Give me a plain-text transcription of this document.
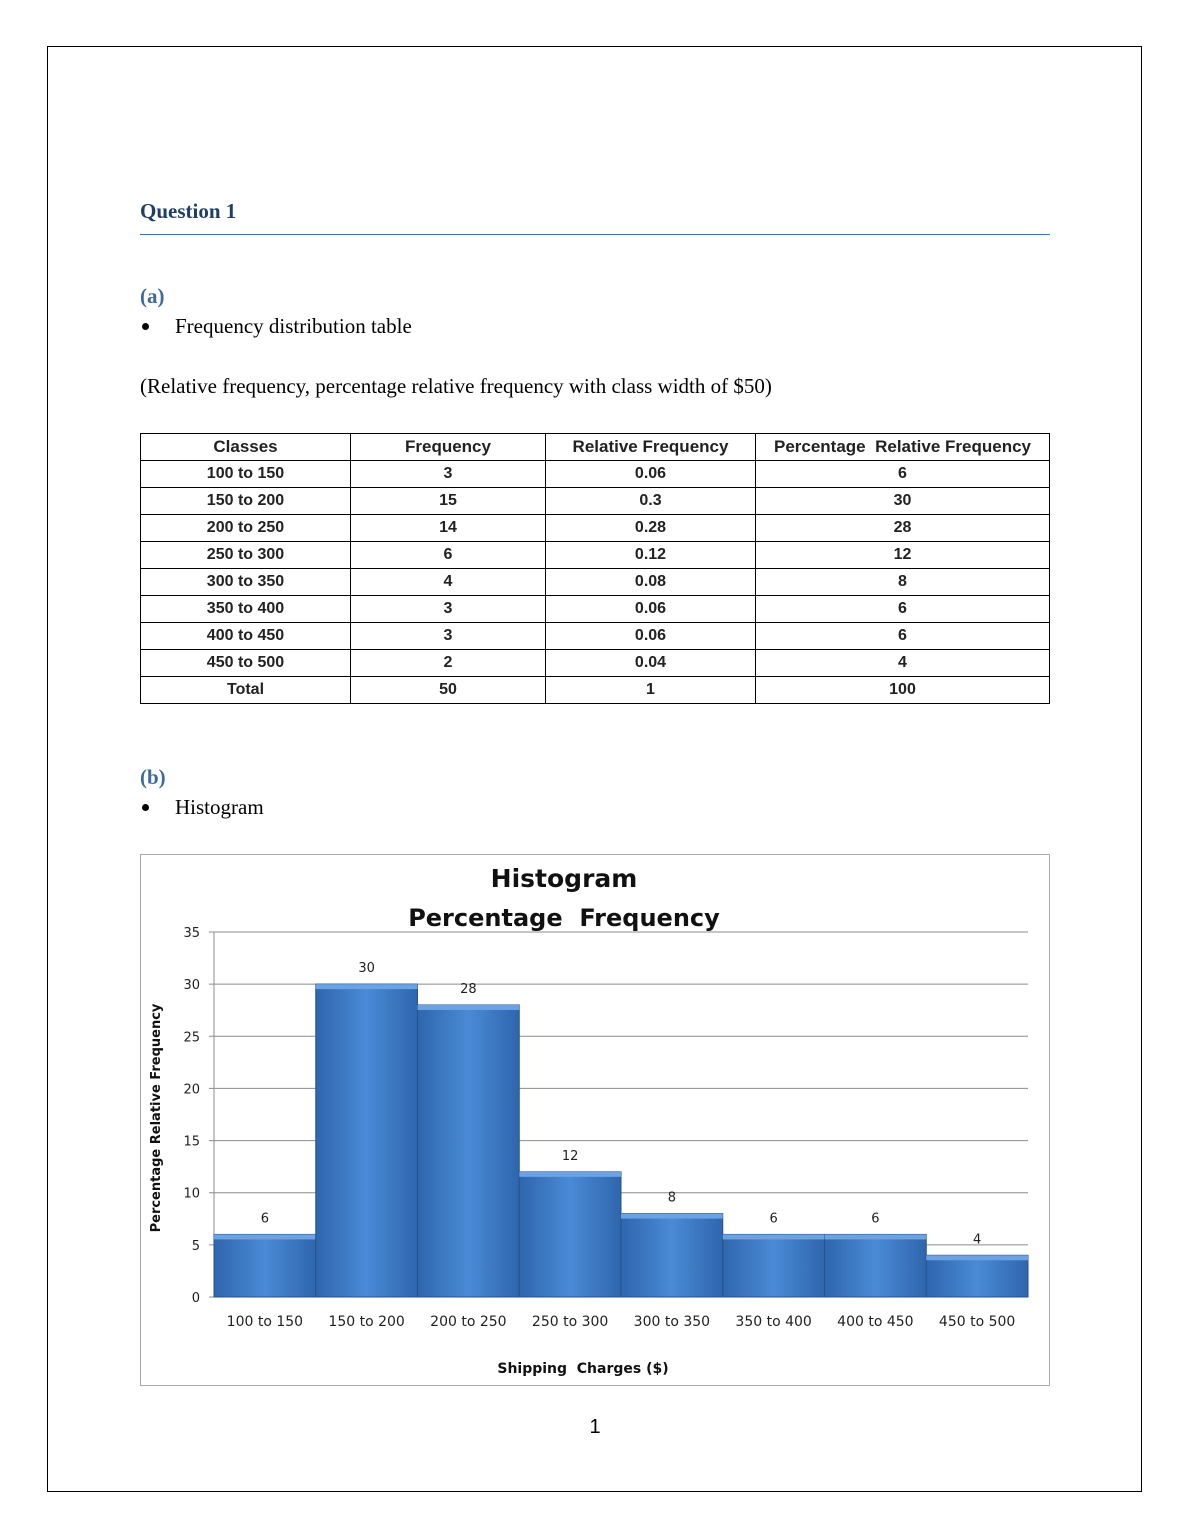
Question 1
(a)
Frequency distribution table
(Relative frequency, percentage relative frequency with class width of $50)
Classes	Frequency	Relative Frequency	Percentage  Relative Frequency
100 to 150	3	0.06	6
150 to 200	15	0.3	30
200 to 250	14	0.28	28
250 to 300	6	0.12	12
300 to 350	4	0.08	8
350 to 400	3	0.06	6
400 to 450	3	0.06	6
450 to 500	2	0.04	4
Total	50	1	100
(b)
Histogram
Histogram
Percentage  Frequency
0
5
10
15
20
25
30
35
6
100 to 150
30
150 to 200
28
200 to 250
12
250 to 300
8
300 to 350
6
350 to 400
6
400 to 450
4
450 to 500
Percentage Relative Frequency
Shipping  Charges ($)
1
